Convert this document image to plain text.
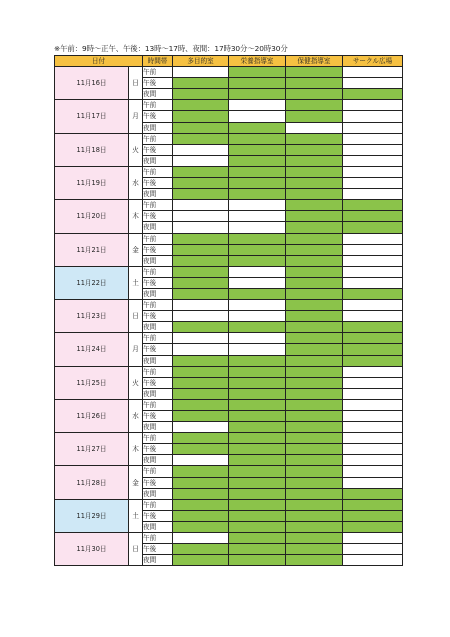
※午前：9時～正午、午後：13時～17時、夜間：17時30分～20時30分
日付		時間帯	多目的室	栄養指導室	保健指導室	サークル広場
11月16日	日	午前				
		午後				
		夜間				
11月17日	月	午前				
		午後				
		夜間				
11月18日	火	午前				
		午後				
		夜間				
11月19日	水	午前				
		午後				
		夜間				
11月20日	木	午前				
		午後				
		夜間				
11月21日	金	午前				
		午後				
		夜間				
11月22日	土	午前				
		午後				
		夜間				
11月23日	日	午前				
		午後				
		夜間				
11月24日	月	午前				
		午後				
		夜間				
11月25日	火	午前				
		午後				
		夜間				
11月26日	水	午前				
		午後				
		夜間				
11月27日	木	午前				
		午後				
		夜間				
11月28日	金	午前				
		午後				
		夜間				
11月29日	土	午前				
		午後				
		夜間				
11月30日	日	午前				
		午後				
		夜間				
